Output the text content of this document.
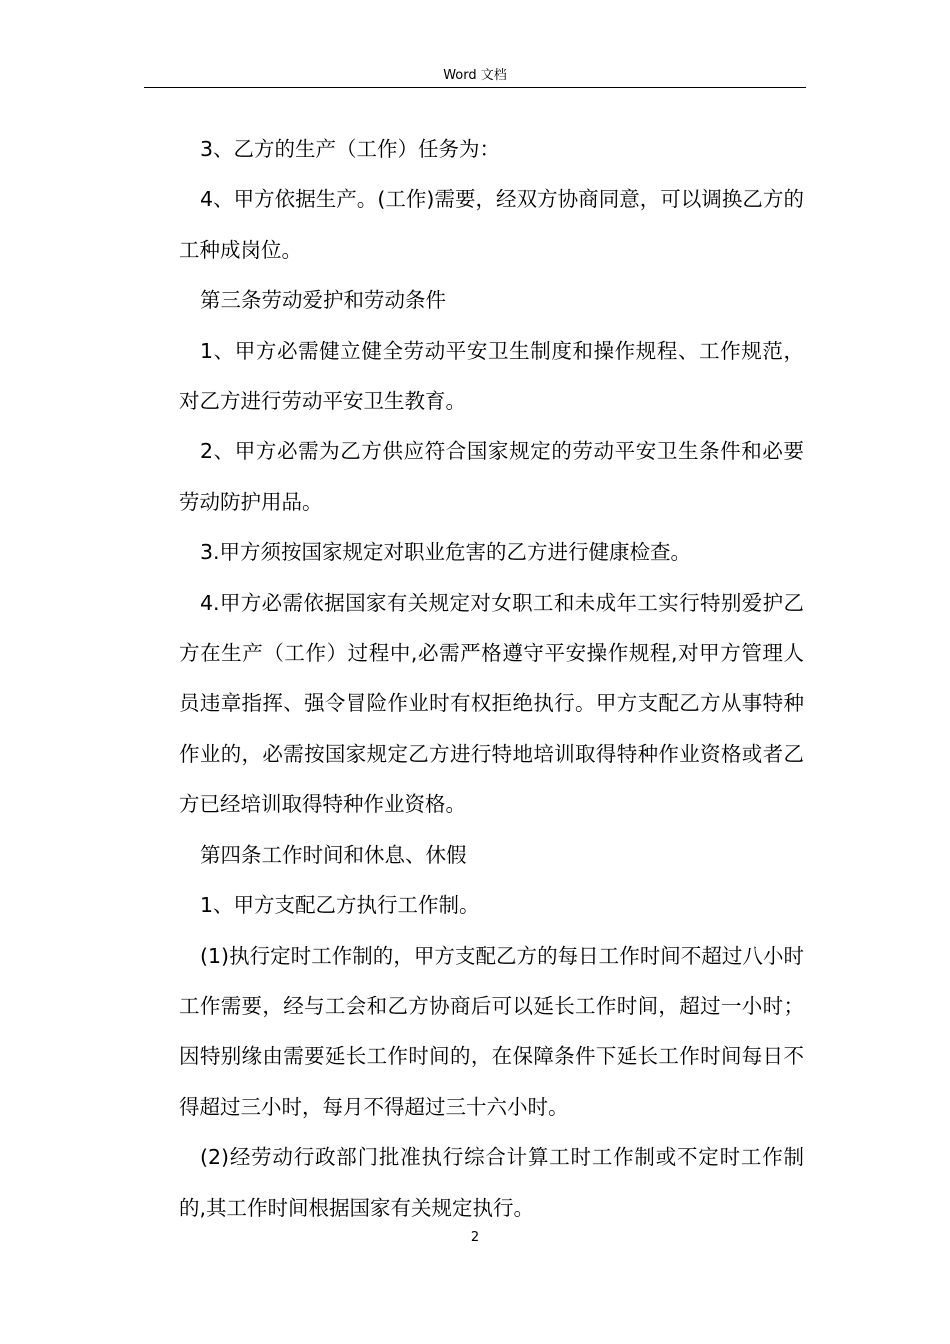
Word 文档

3、乙方的生产（工作）任务为：

4、甲方依据生产。(工作)需要，经双方协商同意，可以调换乙方的工种成岗位。

第三条劳动爱护和劳动条件

1、甲方必需健立健全劳动平安卫生制度和操作规程、工作规范，对乙方进行劳动平安卫生教育。

2、甲方必需为乙方供应符合国家规定的劳动平安卫生条件和必要劳动防护用品。

3.甲方须按国家规定对职业危害的乙方进行健康检查。

4.甲方必需依据国家有关规定对女职工和未成年工实行特别爱护乙方在生产（工作）过程中,必需严格遵守平安操作规程,对甲方管理人员违章指挥、强令冒险作业时有权拒绝执行。甲方支配乙方从事特种作业的，必需按国家规定乙方进行特地培训取得特种作业资格或者乙方已经培训取得特种作业资格。

第四条工作时间和休息、休假

1、甲方支配乙方执行工作制。

(1)执行定时工作制的，甲方支配乙方的每日工作时间不超过八小时工作需要，经与工会和乙方协商后可以延长工作时间，超过一小时；因特别缘由需要延长工作时间的，在保障条件下延长工作时间每日不得超过三小时，每月不得超过三十六小时。

(2)经劳动行政部门批准执行综合计算工时工作制或不定时工作制的,其工作时间根据国家有关规定执行。

2
